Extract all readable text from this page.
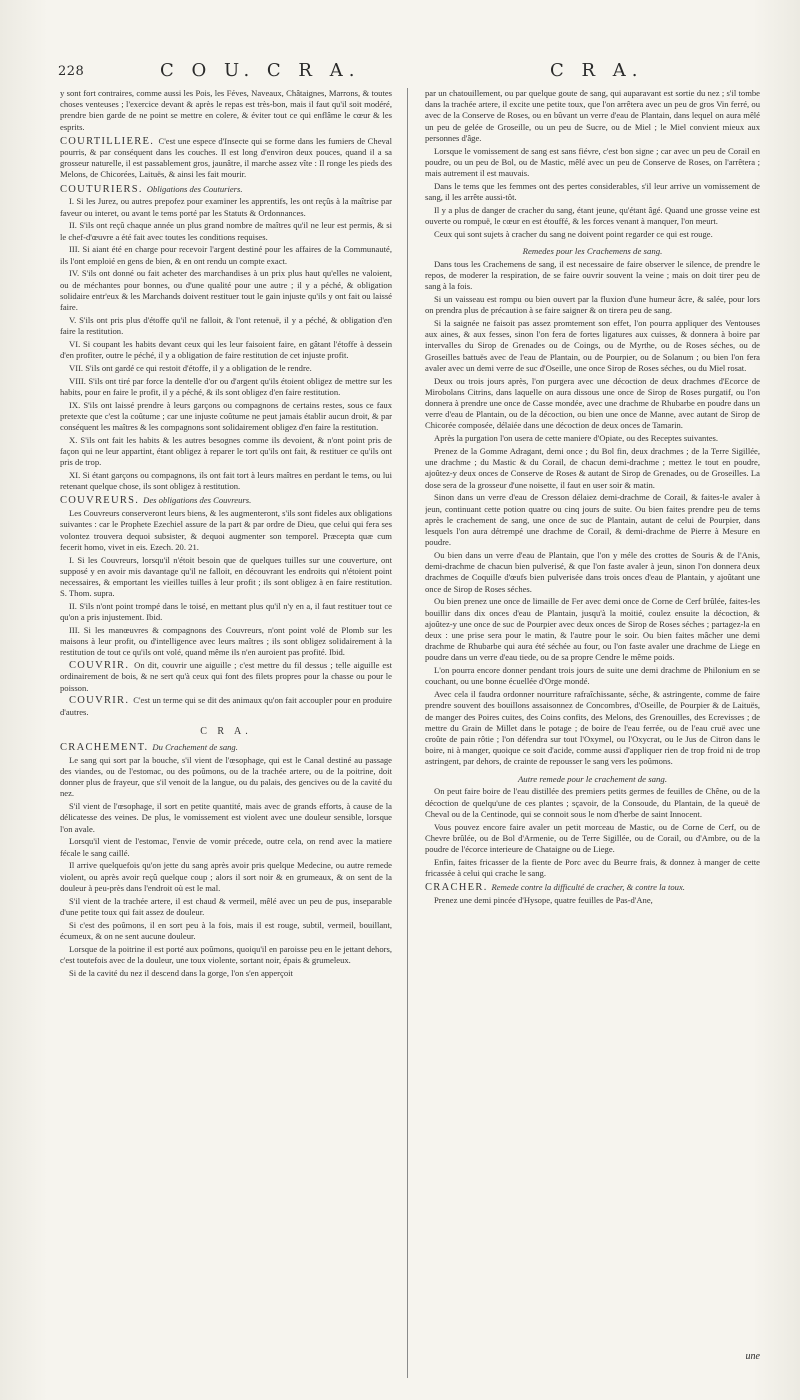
228	C O U. C R A.	C R A.

y sont fort contraires, comme aussi les Pois, les Féves, Naveaux, Châtaignes, Marrons, & toutes choses venteuses ; l'exercice devant & après le repas est très-bon, mais il faut qu'il soit modéré, prendre bien garde de ne point se mettre en colere, & éviter tout ce qui enflâme le cœur & les esprits.

COURTILLIERE. C'est une espece d'Insecte qui se forme dans les fumiers de Cheval pourris, & par conséquent dans les couches. Il est long d'environ deux pouces, quand il a sa grosseur naturelle, il est passablement gros, jaunâtre, il marche assez vîte : Il ronge les pieds des Melons, de Chicorées, Laituës, & ainsi les fait mourir.

COUTURIERS. Obligations des Couturiers.

I. Si les Jurez, ou autres prepofez pour examiner les apprentifs, les ont reçûs à la maîtrise par faveur ou interet, ou avant le tems porté par les Statuts & Ordonnances.

II. S'ils ont reçû chaque année un plus grand nombre de maîtres qu'il ne leur est permis, & si le chef-d'œuvre a été fait avec toutes les conditions requises.

III. Si aiant été en charge pour recevoir l'argent destiné pour les affaires de la Communauté, ils l'ont emploié en gens de bien, & en ont rendu un compte exact.

IV. S'ils ont donné ou fait acheter des marchandises à un prix plus haut qu'elles ne valoient, ou de méchantes pour bonnes, ou d'une qualité pour une autre ; il y a péché, & obligation solidaire entr'eux & les Marchands doivent restituer tout le gain injuste qu'ils y ont fait ou laissé faire.

V. S'ils ont pris plus d'étoffe qu'il ne falloit, & l'ont retenuë, il y a péché, & obligation d'en faire la restitution.

VI. Si coupant les habits devant ceux qui les leur faisoient faire, en gâtant l'étoffe à dessein d'en profiter, outre le péché, il y a obligation de faire restitution de cet injuste profit.

VII. S'ils ont gardé ce qui restoit d'étoffe, il y a obligation de le rendre.

VIII. S'ils ont tiré par force la dentelle d'or ou d'argent qu'ils étoient obligez de mettre sur les habits, pour en faire le profit, il y a péché, & ils sont obligez d'en faire restitution.

IX. S'ils ont laissé prendre à leurs garçons ou compagnons de certains restes, sous ce faux pretexte que c'est la coûtume ; car une injuste coûtume ne peut jamais établir aucun droit, & par conséquent les maîtres & les compagnons sont solidairement obligez d'en faire la restitution.

X. S'ils ont fait les habits & les autres besognes comme ils devoient, & n'ont point pris de façon qui ne leur appartint, étant obligez à reparer le tort qu'ils ont fait, & restituer ce qu'ils ont pris de trop.

XI. Si étant garçons ou compagnons, ils ont fait tort à leurs maîtres en perdant le tems, ou lui retenant quelque chose, ils sont obligez à restitution.

COUVREURS. Des obligations des Couvreurs.

Les Couvreurs conserveront leurs biens, & les augmenteront, s'ils sont fideles aux obligations suivantes : car le Prophete Ezechiel assure de la part & par ordre de Dieu, que celui qui fera ses volontez trouvera dequoi subsister, & dequoi augmenter son temporel. Præcepta quæ cum fecerit homo, vivet in eis. Ezech. 20. 21.

I. Si les Couvreurs, lorsqu'il n'étoit besoin que de quelques tuilles sur une couverture, ont supposé y en avoir mis davantage qu'il ne falloit, en découvrant les endroits qui n'étoient point necessaires, & emportant les vieilles tuilles à leur profit ; ils sont obligez à en faire restitution. S. Thom. supra.

II. S'ils n'ont point trompé dans le toisé, en mettant plus qu'il n'y en a, il faut restituer tout ce qu'on a pris injustement. Ibid.

III. Si les manœuvres & compagnons des Couvreurs, n'ont point volé de Plomb sur les maisons à leur profit, ou d'intelligence avec leurs maîtres ; ils sont obligez solidairement à la restitution de tout ce qu'ils ont volé, quand même ils n'en auroient pas profité. Ibid.

COUVRIR. On dit, couvrir une aiguille ; c'est mettre du fil dessus ; telle aiguille est ordinairement de bois, & ne sert qu'à ceux qui font des filets propres pour la chasse ou pour le poisson.

COUVRIR. C'est un terme qui se dit des animaux qu'on fait accoupler pour en produire d'autres.

C R A.

CRACHEMENT. Du Crachement de sang.

Le sang qui sort par la bouche, s'il vient de l'œsophage, qui est le Canal destiné au passage des viandes, ou de l'estomac, ou des poûmons, ou de la trachée artere, ou de la poitrine, doit donner plus de frayeur, que s'il venoit de la langue, ou du palais, des gencives ou de la cavité du nez.

S'il vient de l'œsophage, il sort en petite quantité, mais avec de grands efforts, à cause de la délicatesse des veines. De plus, le vomissement est violent avec une douleur sensible, lorsque l'on avale.

Lorsqu'il vient de l'estomac, l'envie de vomir précede, outre cela, on rend avec la matiere fécale le sang caillé.

Il arrive quelquefois qu'on jette du sang après avoir pris quelque Medecine, ou autre remede violent, ou après avoir reçû quelque coup ; alors il sort noir & en grumeaux, & on sent de la douleur à peu-près dans l'endroit où est le mal.

S'il vient de la trachée artere, il est chaud & vermeil, mêlé avec un peu de pus, inseparable d'une petite toux qui fait assez de douleur.

Si c'est des poûmons, il en sort peu à la fois, mais il est rouge, subtil, vermeil, bouillant, écumeux, & on ne sent aucune douleur.

Lorsque de la poitrine il est porté aux poûmons, quoiqu'il en paroisse peu en le jettant dehors, c'est toutefois avec de la douleur, une toux violente, sortant noir, épais & grumeleux.

Si de la cavité du nez il descend dans la gorge, l'on s'en apperçoit

par un chatouillement, ou par quelque goute de sang, qui auparavant est sortie du nez ; s'il tombe dans la trachée artere, il excite une petite toux, que l'on arrêtera avec un peu de gros Vin ferré, ou avec de la Conserve de Roses, ou en bûvant un verre d'eau de Plantain, dans lequel on aura mêlé un peu de gelée de Groseille, ou un peu de Sucre, ou de Miel ; le Miel convient mieux aux personnes d'âge.

Lorsque le vomissement de sang est sans fiévre, c'est bon signe ; car avec un peu de Corail en poudre, ou un peu de Bol, ou de Mastic, mêlé avec un peu de Conserve de Roses, on l'arrêtera ; mais autrement il est mauvais.

Dans le tems que les femmes ont des pertes considerables, s'il leur arrive un vomissement de sang, il les arrête aussi-tôt.

Il y a plus de danger de cracher du sang, étant jeune, qu'étant âgé. Quand une grosse veine est ouverte ou rompuë, le cœur en est étouffé, & les forces venant à manquer, l'on meurt.

Ceux qui sont sujets à cracher du sang ne doivent point regarder ce qui est rouge.

Remedes pour les Crachemens de sang.

Dans tous les Crachemens de sang, il est necessaire de faire observer le silence, de prendre le repos, de moderer la respiration, de se faire ouvrir souvent la veine ; mais on doit tirer peu de sang à la fois.

Si un vaisseau est rompu ou bien ouvert par la fluxion d'une humeur âcre, & salée, pour lors on prendra plus de précaution à se faire saigner & on tirera peu de sang.

Si la saignée ne faisoit pas assez promtement son effet, l'on pourra appliquer des Ventouses aux aines, & aux fesses, sinon l'on fera de fortes ligatures aux cuisses, & donnera à boire par intervalles du Sirop de Grenades ou de Coings, ou de Myrthe, ou de Roses séches, ou de Groseilles battuës avec de l'eau de Plantain, ou de Pourpier, ou de Solanum ; ou bien l'on fera avaler avec un demi verre de suc d'Oseille, une once Sirop de Roses séches, ou du Miel rosat.

Deux ou trois jours après, l'on purgera avec une décoction de deux drachmes d'Ecorce de Mirobolans Citrins, dans laquelle on aura dissous une once de Sirop de Roses purgatif, ou l'on donnera à prendre une once de Casse mondée, avec une drachme de Rhubarbe en poudre dans un verre d'eau de Plantain, ou de la décoction, ou bien une once de Manne, avec autant de Sirop de Chicorée composée, délaiée dans une décoction de deux onces de Tamarin.

Après la purgation l'on usera de cette maniere d'Opiate, ou des Receptes suivantes.

Prenez de la Gomme Adragant, demi once ; du Bol fin, deux drachmes ; de la Terre Sigillée, une drachme ; du Mastic & du Corail, de chacun demi-drachme ; mettez le tout en poudre, ajoûtez-y deux onces de Conserve de Roses & autant de Sirop de Grenades, ou de Groseilles. La dose sera de la grosseur d'une noisette, il faut en user soir & matin.

Sinon dans un verre d'eau de Cresson délaiez demi-drachme de Corail, & faites-le avaler à jeun, continuant cette potion quatre ou cinq jours de suite. Ou bien faites prendre peu de tems après le crachement de sang, une once de suc de Plantain, autant de celui de Pourpier, dans lesquels l'on aura détrempé une drachme de Corail, & demi-drachme de Pierre à Mesure en poudre.

Ou bien dans un verre d'eau de Plantain, que l'on y méle des crottes de Souris & de l'Anis, demi-drachme de chacun bien pulverisé, & que l'on faste avaler à jeun, sinon l'on donnera deux drachmes de Coquille d'œufs bien pulverisée dans trois onces d'eau de Plantain, y ajoûtant une once de Sirop de Roses séches.

Ou bien prenez une once de limaille de Fer avec demi once de Corne de Cerf brûlée, faites-les bouillir dans dix onces d'eau de Plantain, jusqu'à la moitié, coulez ensuite la décoction, & ajoûtez-y une once de suc de Pourpier avec deux onces de Sirop de Roses séches ; partagez-la en deux : une prise sera pour le matin, & l'autre pour le soir. Ou bien faites mâcher une demi drachme de Rhubarbe qui aura été séchée au four, ou l'on faste avaler une drachme de Liege en poudre dans un verre d'eau tiede, ou de sa propre Cendre le même poids.

L'on pourra encore donner pendant trois jours de suite une demi drachme de Philonium en se couchant, ou une bonne écuellée d'Orge mondé.

Avec cela il faudra ordonner nourriture rafraîchissante, séche, & astringente, comme de faire prendre souvent des bouillons assaisonnez de Concombres, d'Oseille, de Pourpier & de Laituës, de manger des Poires cuites, des Coins confits, des Melons, des Grenouilles, des Ecrevisses ; de mettre du Grain de Millet dans le potage ; de boire de l'eau ferrée, ou de l'eau cruë avec une croûte de pain rôtie ; l'on défendra sur tout l'Oxymel, ou l'Oxycrat, ou le Jus de Citron dans le boire, ni à manger, quoique ce soit d'acide, comme aussi d'appliquer rien de trop froid ni de trop astringent, par dehors, de crainte de repousser le sang vers les poûmons.

Autre remede pour le crachement de sang.

On peut faire boire de l'eau distillée des premiers petits germes de feuilles de Chêne, ou de la décoction de quelqu'une de ces plantes ; sçavoir, de la Consoude, du Plantain, de la queuë de Cheval ou de la Centinode, qui se connoit sous le nom d'herbe de saint Innocent.

Vous pouvez encore faire avaler un petit morceau de Mastic, ou de Corne de Cerf, ou de Chevre brûlée, ou de Bol d'Armenie, ou de Terre Sigillée, ou de Corail, ou d'Ambre, ou de la poudre de l'écorce interieure de Chataigne ou de Liege.

Enfin, faites fricasser de la fiente de Porc avec du Beurre frais, & donnez à manger de cette fricassée à celui qui crache le sang.

CRACHER. Remede contre la difficulté de cracher, & contre la toux.

Prenez une demi pincée d'Hysope, quatre feuilles de Pas-d'Ane,

une
